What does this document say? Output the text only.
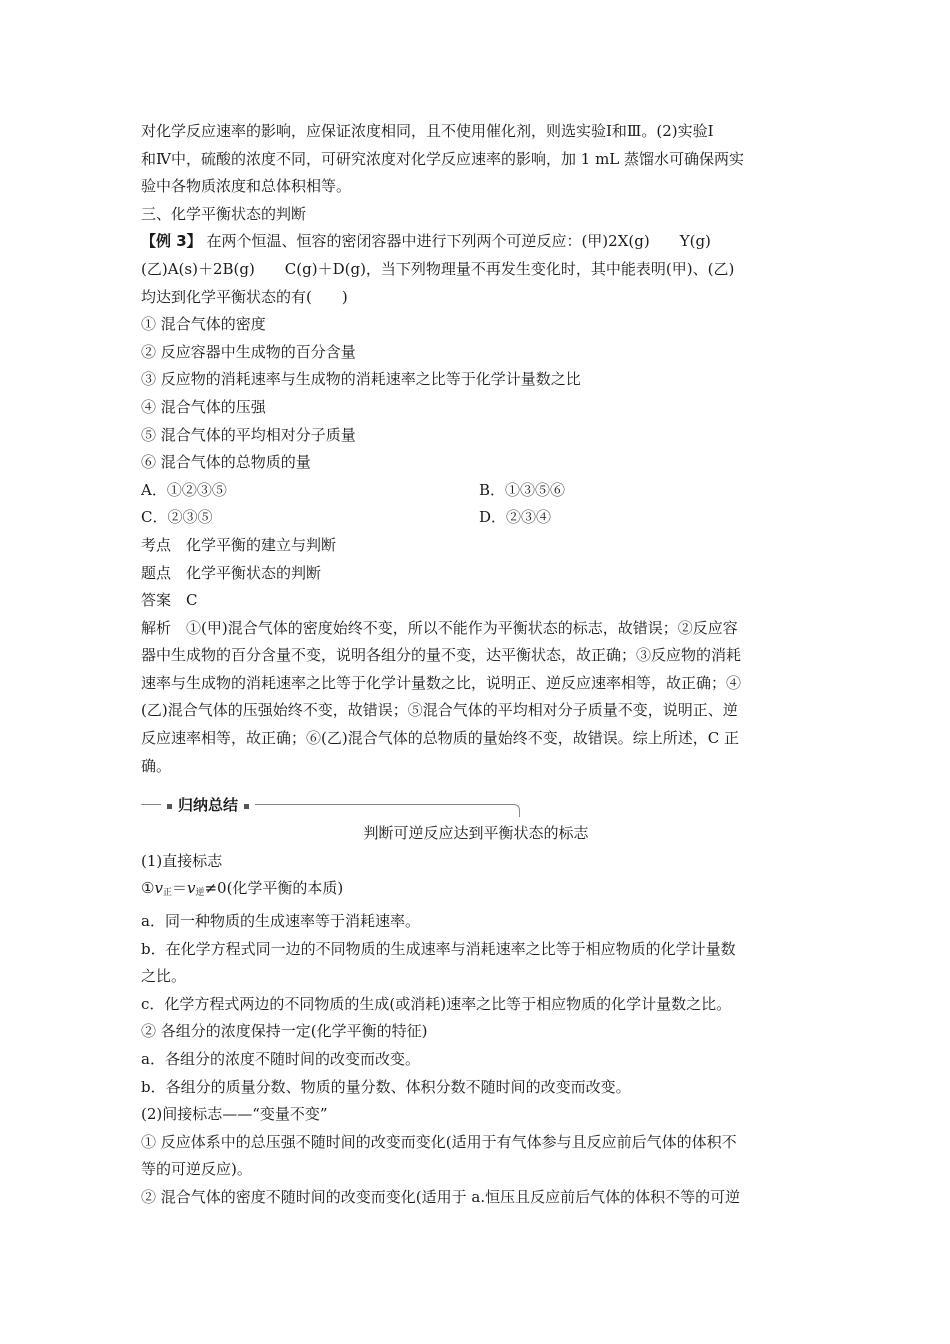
对化学反应速率的影响，应保证浓度相同，且不使用催化剂，则选实验Ⅰ和Ⅲ。(2)实验Ⅰ
和Ⅳ中，硫酸的浓度不同，可研究浓度对化学反应速率的影响，加 1 mL 蒸馏水可确保两实
验中各物质浓度和总体积相等。

三、化学平衡状态的判断

【例 3】 在两个恒温、恒容的密闭容器中进行下列两个可逆反应：(甲)2X(g)　　Y(g)
(乙)A(s)＋2B(g)　　C(g)＋D(g)，当下列物理量不再发生变化时，其中能表明(甲)、(乙)
均达到化学平衡状态的有(　　)

① 混合气体的密度
② 反应容器中生成物的百分含量
③ 反应物的消耗速率与生成物的消耗速率之比等于化学计量数之比
④ 混合气体的压强
⑤ 混合气体的平均相对分子质量
⑥ 混合气体的总物质的量
A．①②③⑤	B．①③⑤⑥
C．②③⑤	D．②③④
考点　化学平衡的建立与判断
题点　化学平衡状态的判断
答案　C

解析　①(甲)混合气体的密度始终不变，所以不能作为平衡状态的标志，故错误；②反应容
器中生成物的百分含量不变，说明各组分的量不变，达平衡状态，故正确；③反应物的消耗
速率与生成物的消耗速率之比等于化学计量数之比，说明正、逆反应速率相等，故正确；④
(乙)混合气体的压强始终不变，故错误；⑤混合气体的平均相对分子质量不变，说明正、逆
反应速率相等，故正确；⑥(乙)混合气体的总物质的量始终不变，故错误。综上所述，C 正
确。

归纳总结
判断可逆反应达到平衡状态的标志
(1)直接标志
$①v_正=v_逆\ne 0$(化学平衡的本质)
a．同一种物质的生成速率等于消耗速率。
b．在化学方程式同一边的不同物质的生成速率与消耗速率之比等于相应物质的化学计量数
之比。
c．化学方程式两边的不同物质的生成(或消耗)速率之比等于相应物质的化学计量数之比。
② 各组分的浓度保持一定(化学平衡的特征)
a．各组分的浓度不随时间的改变而改变。
b．各组分的质量分数、物质的量分数、体积分数不随时间的改变而改变。
(2)间接标志——“变量不变”
① 反应体系中的总压强不随时间的改变而变化(适用于有气体参与且反应前后气体的体积不
等的可逆反应)。
② 混合气体的密度不随时间的改变而变化(适用于 a.恒压且反应前后气体的体积不等的可逆
